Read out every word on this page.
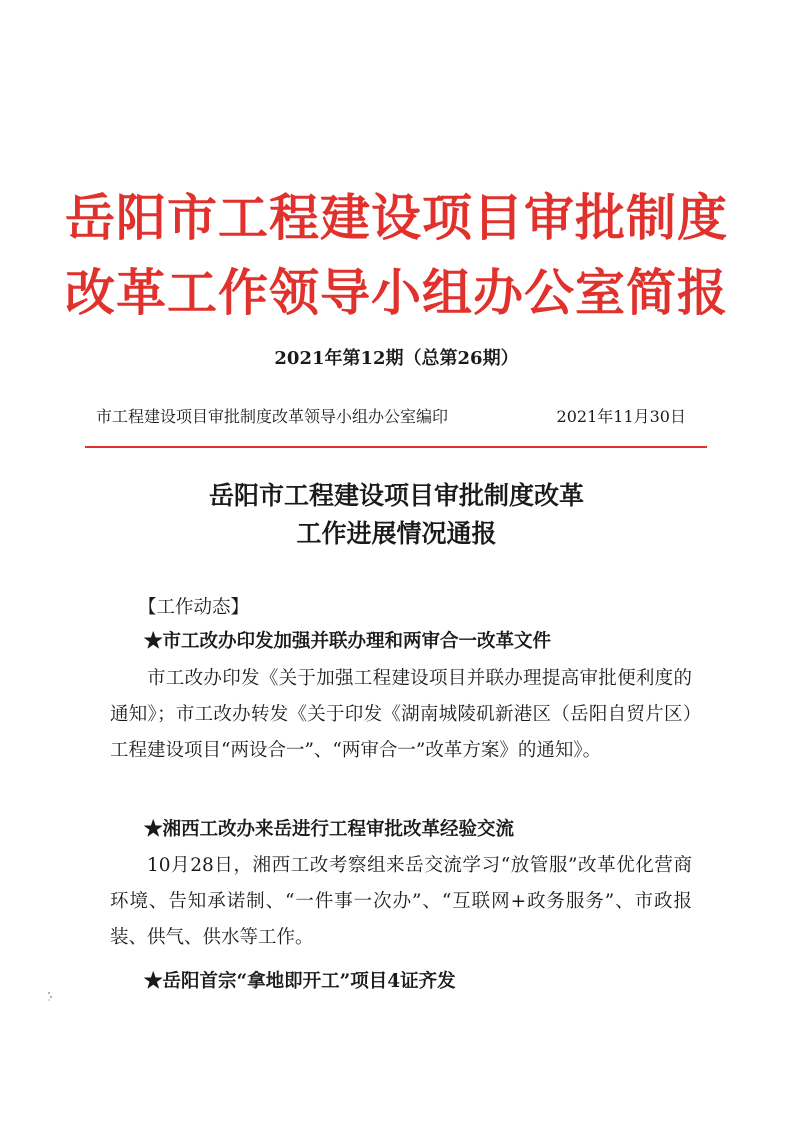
岳阳市工程建设项目审批制度
改革工作领导小组办公室简报
2021年第12期（总第26期）
市工程建设项目审批制度改革领导小组办公室编印	2021年11月30日
岳阳市工程建设项目审批制度改革
工作进展情况通报
【工作动态】
★市工改办印发加强并联办理和两审合一改革文件
市工改办印发《关于加强工程建设项目并联办理提高审批便利度的通知》；市工改办转发《关于印发《湖南城陵矶新港区（岳阳自贸片区）工程建设项目“两设合一”、“两审合一”改革方案》的通知》。
★湘西工改办来岳进行工程审批改革经验交流
10月28日，湘西工改考察组来岳交流学习“放管服”改革优化营商环境、告知承诺制、“一件事一次办”、“互联网+政务服务”、市政报装、供气、供水等工作。
★岳阳首宗“拿地即开工”项目4证齐发
